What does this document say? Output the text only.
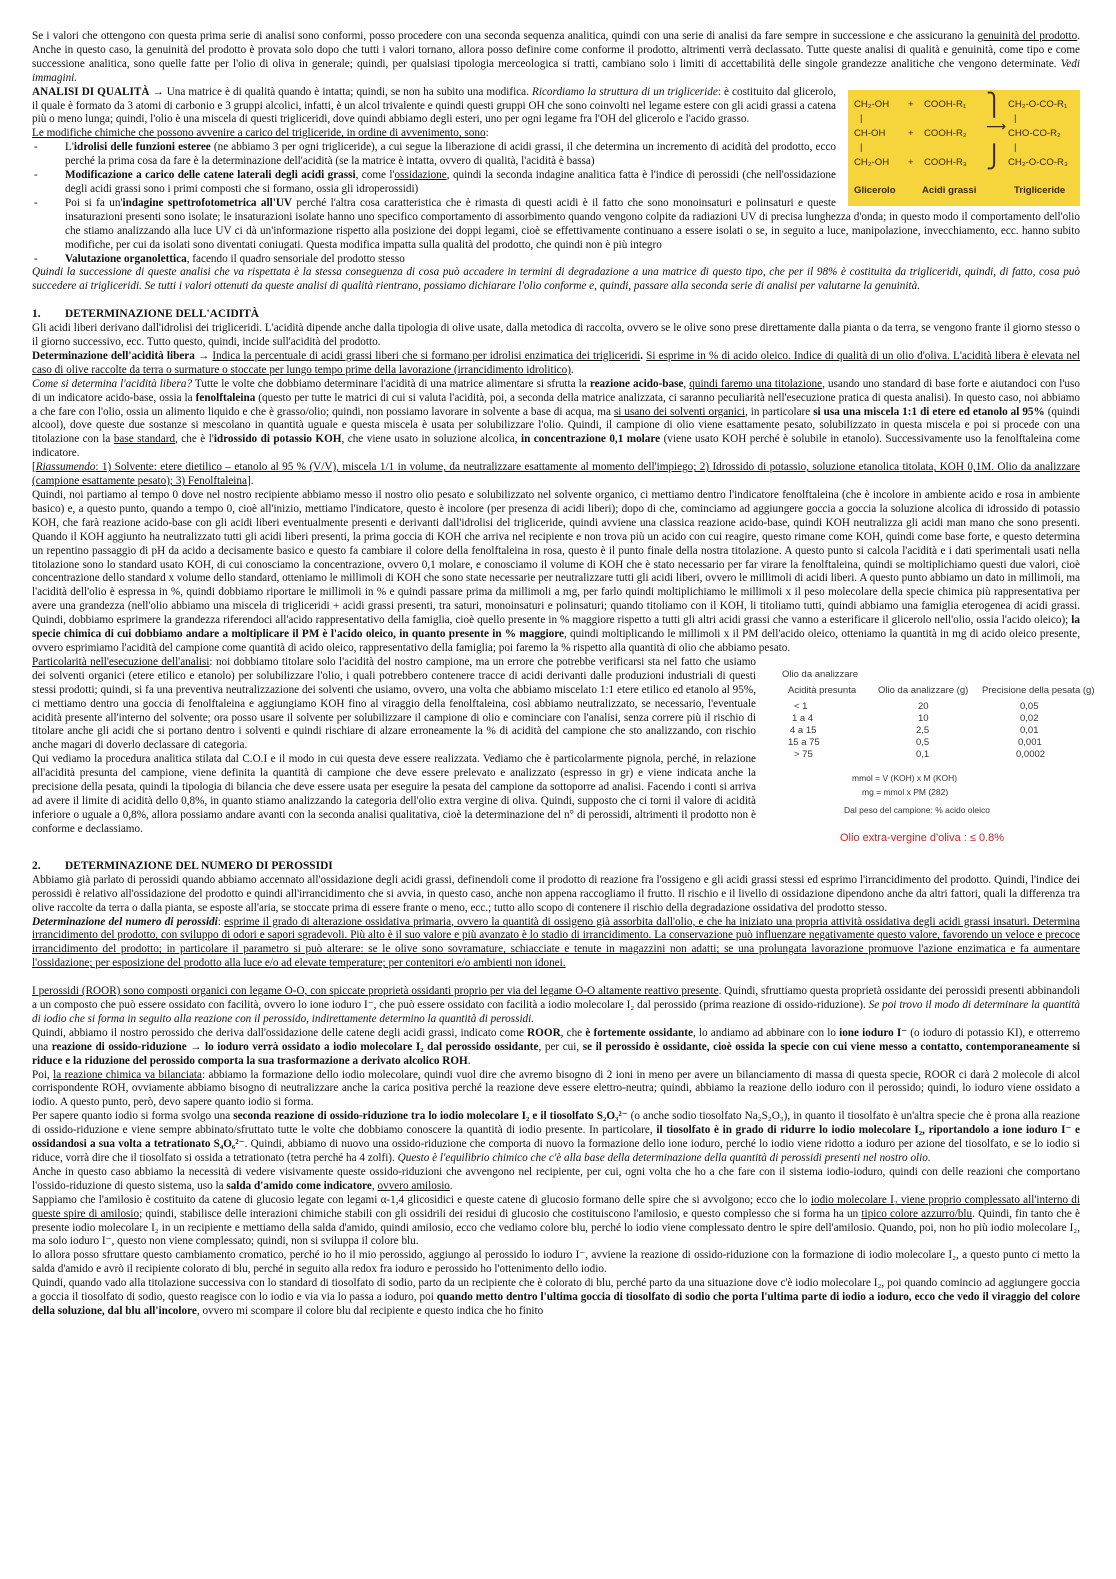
Se i valori che ottengono con questa prima serie di analisi sono conformi, posso procedere con una seconda sequenza analitica, quindi con una serie di analisi da fare sempre in successione e che assicurano la genuinità del prodotto. Anche in questo caso, la genuinità del prodotto è provata solo dopo che tutti i valori tornano, allora posso definire come conforme il prodotto, altrimenti verrà declassato. Tutte queste analisi di qualità e genuinità, come tipo e come successione analitica, sono quelle fatte per l'olio di oliva in generale; quindi, per qualsiasi tipologia merceologica si tratti, cambiano solo i limiti di accettabilità delle singole grandezze analitiche che vengono determinate. Vedi immagini.

CH₂-OH
CH-OH
CH₂-OH
|
|
+
+
+
COOH-R₁
COOH-R₂
COOH-R₃
⎫
⟶
⎭
CH₂-O-CO-R₁
CHO-CO-R₂
CH₂-O-CO-R₃
|
|
Glicerolo	Acidi grassi	Trigliceride

ANALISI DI QUALITÀ → Una matrice è di qualità quando è intatta; quindi, se non ha subito una modifica. Ricordiamo la struttura di un trigliceride: è costituito dal glicerolo, il quale è formato da 3 atomi di carbonio e 3 gruppi alcolici, infatti, è un alcol trivalente e quindi questi gruppi OH che sono coinvolti nel legame estere con gli acidi grassi a catena più o meno lunga; quindi, l'olio è una miscela di questi trigliceridi, dove quindi abbiamo degli esteri, uno per ogni legame fra l'OH del glicerolo e l'acido grasso.

Le modifiche chimiche che possono avvenire a carico del trigliceride, in ordine di avvenimento, sono:

- L'idrolisi delle funzioni esteree (ne abbiamo 3 per ogni trigliceride), a cui segue la liberazione di acidi grassi, il che determina un incremento di acidità del prodotto, ecco perché la prima cosa da fare è la determinazione dell'acidità (se la matrice è intatta, ovvero di qualità, l'acidità è bassa)

- Modificazione a carico delle catene laterali degli acidi grassi, come l'ossidazione, quindi la seconda indagine analitica fatta è l'indice di perossidi (che nell'ossidazione degli acidi grassi sono i primi composti che si formano, ossia gli idroperossidi)

- Poi si fa un'indagine spettrofotometrica all'UV perché l'altra cosa caratteristica che è rimasta di questi acidi è il fatto che sono monoinsaturi e polinsaturi e queste insaturazioni presenti sono isolate; le insaturazioni isolate hanno uno specifico comportamento di assorbimento quando vengono colpite da radiazioni UV di precisa lunghezza d'onda; in questo modo il comportamento dell'olio che stiamo analizzando alla luce UV ci dà un'informazione rispetto alla posizione dei doppi legami, cioè se effettivamente continuano a essere isolati o se, in seguito a luce, manipolazione, invecchiamento, ecc. hanno subito modifiche, per cui da isolati sono diventati coniugati. Questa modifica impatta sulla qualità del prodotto, che quindi non è più integro

- Valutazione organolettica, facendo il quadro sensoriale del prodotto stesso

Quindi la successione di queste analisi che va rispettata è la stessa conseguenza di cosa può accadere in termini di degradazione a una matrice di questo tipo, che per il 98% è costituita da trigliceridi, quindi, di fatto, cosa può succedere ai trigliceridi. Se tutti i valori ottenuti da queste analisi di qualità rientrano, possiamo dichiarare l'olio conforme e, quindi, passare alla seconda serie di analisi per valutarne la genuinità.

1.	DETERMINAZIONE DELL'ACIDITÀ

Gli acidi liberi derivano dall'idrolisi dei trigliceridi. L'acidità dipende anche dalla tipologia di olive usate, dalla metodica di raccolta, ovvero se le olive sono prese direttamente dalla pianta o da terra, se vengono frante il giorno stesso o il giorno successivo, ecc. Tutto questo, quindi, incide sull'acidità del prodotto.

Determinazione dell'acidità libera → Indica la percentuale di acidi grassi liberi che si formano per idrolisi enzimatica dei trigliceridi. Si esprime in % di acido oleico. Indice di qualità di un olio d'oliva. L'acidità libera è elevata nel caso di olive raccolte da terra o surmature o stoccate per lungo tempo prime della lavorazione (irrancidimento idrolitico).

Come si determina l'acidità libera? Tutte le volte che dobbiamo determinare l'acidità di una matrice alimentare si sfrutta la reazione acido-base, quindi faremo una titolazione, usando uno standard di base forte e aiutandoci con l'uso di un indicatore acido-base, ossia la fenolftaleina (questo per tutte le matrici di cui si valuta l'acidità, poi, a seconda della matrice analizzata, ci saranno peculiarità nell'esecuzione pratica di questa analisi). In questo caso, noi abbiamo a che fare con l'olio, ossia un alimento liquido e che è grasso/olio; quindi, non possiamo lavorare in solvente a base di acqua, ma si usano dei solventi organici, in particolare si usa una miscela 1:1 di etere ed etanolo al 95% (quindi alcool), dove queste due sostanze si mescolano in quantità uguale e questa miscela è usata per solubilizzare l'olio. Quindi, il campione di olio viene esattamente pesato, solubilizzato in questa miscela e poi si procede con una titolazione con la base standard, che è l'idrossido di potassio KOH, che viene usato in soluzione alcolica, in concentrazione 0,1 molare (viene usato KOH perché è solubile in etanolo). Successivamente uso la fenolftaleina come indicatore.

[Riassumendo: 1) Solvente: etere dietilico – etanolo al 95 % (V/V), miscela 1/1 in volume, da neutralizzare esattamente al momento dell'impiego; 2) Idrossido di potassio, soluzione etanolica titolata, KOH 0,1M. Olio da analizzare (campione esattamente pesato); 3) Fenolftaleina].

Quindi, noi partiamo al tempo 0 dove nel nostro recipiente abbiamo messo il nostro olio pesato e solubilizzato nel solvente organico, ci mettiamo dentro l'indicatore fenolftaleina (che è incolore in ambiente acido e rosa in ambiente basico) e, a questo punto, quando a tempo 0, cioè all'inizio, mettiamo l'indicatore, questo è incolore (per presenza di acidi liberi); dopo di che, cominciamo ad aggiungere goccia a goccia la soluzione alcolica di idrossido di potassio KOH, che farà reazione acido-base con gli acidi liberi eventualmente presenti e derivanti dall'idrolisi del trigliceride, quindi avviene una classica reazione acido-base, quindi KOH neutralizza gli acidi man mano che sono presenti. Quando il KOH aggiunto ha neutralizzato tutti gli acidi liberi presenti, la prima goccia di KOH che arriva nel recipiente e non trova più un acido con cui reagire, questo rimane come KOH, quindi come base forte, e questo determina un repentino passaggio di pH da acido a decisamente basico e questo fa cambiare il colore della fenolftaleina in rosa, questo è il punto finale della nostra titolazione. A questo punto si calcola l'acidità e i dati sperimentali usati nella titolazione sono lo standard usato KOH, di cui conosciamo la concentrazione, ovvero 0,1 molare, e conosciamo il volume di KOH che è stato necessario per far virare la fenolftaleina, quindi se moltiplichiamo questi due valori, cioè concentrazione dello standard x volume dello standard, otteniamo le millimoli di KOH che sono state necessarie per neutralizzare tutti gli acidi liberi, ovvero le millimoli di acidi liberi. A questo punto abbiamo un dato in millimoli, ma l'acidità dell'olio è espressa in %, quindi dobbiamo riportare le millimoli in % e quindi passare prima da millimoli a mg, per farlo quindi moltiplichiamo le millimoli x il peso molecolare della specie chimica più rappresentativa per avere una grandezza (nell'olio abbiamo una miscela di trigliceridi + acidi grassi presenti, tra saturi, monoinsaturi e polinsaturi; quando titoliamo con il KOH, li titoliamo tutti, quindi abbiamo una famiglia eterogenea di acidi grassi. Quindi, dobbiamo esprimere la grandezza riferendoci all'acido rappresentativo della famiglia, cioè quello presente in % maggiore rispetto a tutti gli altri acidi grassi che vanno a esterificare il glicerolo nell'olio, ossia l'acido oleico); la specie chimica di cui dobbiamo andare a moltiplicare il PM è l'acido oleico, in quanto presente in % maggiore, quindi moltiplicando le millimoli x il PM dell'acido oleico, otteniamo la quantità in mg di acido oleico presente, ovvero esprimiamo l'acidità del campione come quantità di acido oleico, rappresentativo della famiglia; poi faremo la % rispetto alla quantità di olio che abbiamo pesato.

Olio da analizzare
Acidità presunta Olio da analizzare (g) Precisione della pesata (g)
< 1	20	0,05
1 a 4	10	0,02
4 a 15	2,5	0,01
15 a 75	0,5	0,001
> 75	0,1	0,0002
mmol = V (KOH) x M (KOH)
mg = mmol x PM (282)
Dal peso del campione: % acido oleico
Olio extra-vergine d'oliva : ≤ 0.8%

Particolarità nell'esecuzione dell'analisi: noi dobbiamo titolare solo l'acidità del nostro campione, ma un errore che potrebbe verificarsi sta nel fatto che usiamo dei solventi organici (etere etilico e etanolo) per solubilizzare l'olio, i quali potrebbero contenere tracce di acidi derivanti dalle produzioni industriali di questi stessi prodotti; quindi, si fa una preventiva neutralizzazione dei solventi che usiamo, ovvero, una volta che abbiamo miscelato 1:1 etere etilico ed etanolo al 95%, ci mettiamo dentro una goccia di fenolftaleina e aggiungiamo KOH fino al viraggio della fenolftaleina, così abbiamo neutralizzato, se necessario, l'eventuale acidità presente all'interno del solvente; ora posso usare il solvente per solubilizzare il campione di olio e cominciare con l'analisi, senza correre più il rischio di titolare anche gli acidi che si portano dentro i solventi e quindi rischiare di alzare erroneamente la % di acidità del campione che sto analizzando, con rischio anche magari di doverlo declassare di categoria.

Qui vediamo la procedura analitica stilata dal C.O.I e il modo in cui questa deve essere realizzata. Vediamo che è particolarmente pignola, perché, in relazione all'acidità presunta del campione, viene definita la quantità di campione che deve essere prelevato e analizzato (espresso in gr) e viene indicata anche la precisione della pesata, quindi la tipologia di bilancia che deve essere usata per eseguire la pesata del campione da sottoporre ad analisi. Facendo i conti si arriva ad avere il limite di acidità dello 0,8%, in quanto stiamo analizzando la categoria dell'olio extra vergine di oliva. Quindi, supposto che ci torni il valore di acidità inferiore o uguale a 0,8%, allora possiamo andare avanti con la seconda analisi qualitativa, cioè la determinazione del n° di perossidi, altrimenti il prodotto non è conforme e declassiamo.

2.	DETERMINAZIONE DEL NUMERO DI PEROSSIDI

Abbiamo già parlato di perossidi quando abbiamo accennato all'ossidazione degli acidi grassi, definendoli come il prodotto di reazione fra l'ossigeno e gli acidi grassi stessi ed esprimo l'irrancidimento del prodotto. Quindi, l'indice dei perossidi è relativo all'ossidazione del prodotto e quindi all'irrancidimento che si avvia, in questo caso, anche non appena raccogliamo il frutto. Il rischio e il livello di ossidazione dipendono anche da altri fattori, quali la differenza tra olive raccolte da terra o dalla pianta, se esposte all'aria, se stoccate prima di essere frante o meno, ecc.; tutto allo scopo di contenere il rischio della degradazione ossidativa del prodotto stesso.

Determinazione del numero di perossidi: esprime il grado di alterazione ossidativa primaria, ovvero la quantità di ossigeno già assorbita dall'olio, e che ha iniziato una propria attività ossidativa degli acidi grassi insaturi. Determina irrancidimento del prodotto, con sviluppo di odori e sapori sgradevoli. Più alto è il suo valore e più avanzato è lo stadio di irrancidimento. La conservazione può influenzare negativamente questo valore, favorendo un veloce e precoce irrancidimento del prodotto; in particolare il parametro si può alterare: se le olive sono sovramature, schiacciate e tenute in magazzini non adatti; se una prolungata lavorazione promuove l'azione enzimatica e fa aumentare l'ossidazione; per esposizione del prodotto alla luce e/o ad elevate temperature; per contenitori e/o ambienti non idonei.

I perossidi (ROOR) sono composti organici con legame O-O, con spiccate proprietà ossidanti proprio per via del legame O-O altamente reattivo presente. Quindi, sfruttiamo questa proprietà ossidante dei perossidi presenti abbinandoli a un composto che può essere ossidato con facilità, ovvero lo ione ioduro I⁻, che può essere ossidato con facilità a iodio molecolare I₂ dal perossido (prima reazione di ossido-riduzione). Se poi trovo il modo di determinare la quantità di iodio che si forma in seguito alla reazione con il perossido, indirettamente determino la quantità di perossidi.

Quindi, abbiamo il nostro perossido che deriva dall'ossidazione delle catene degli acidi grassi, indicato come ROOR, che è fortemente ossidante, lo andiamo ad abbinare con lo ione ioduro I⁻ (o ioduro di potassio KI), e otterremo una reazione di ossido-riduzione → lo ioduro verrà ossidato a iodio molecolare I₂ dal perossido ossidante, per cui, se il perossido è ossidante, cioè ossida la specie con cui viene messo a contatto, contemporaneamente si riduce e la riduzione del perossido comporta la sua trasformazione a derivato alcolico ROH.

Poi, la reazione chimica va bilanciata: abbiamo la formazione dello iodio molecolare, quindi vuol dire che avremo bisogno di 2 ioni in meno per avere un bilanciamento di massa di questa specie, ROOR ci darà 2 molecole di alcol corrispondente ROH, ovviamente abbiamo bisogno di neutralizzare anche la carica positiva perché la reazione deve essere elettro-neutra; quindi, abbiamo la reazione dello ioduro con il perossido; quindi, lo ioduro viene ossidato a iodio. A questo punto, però, devo sapere quanto iodio si forma.

Per sapere quanto iodio si forma svolgo una seconda reazione di ossido-riduzione tra lo iodio molecolare I₂ e il tiosolfato S₂O₃²⁻ (o anche sodio tiosolfato Na₂S₂O₃), in quanto il tiosolfato è un'altra specie che è prona alla reazione di ossido-riduzione e viene sempre abbinato/sfruttato tutte le volte che dobbiamo conoscere la quantità di iodio presente. In particolare, il tiosolfato è in grado di ridurre lo iodio molecolare I₂, riportandolo a ione ioduro I⁻ e ossidandosi a sua volta a tetrationato S₄O₆²⁻. Quindi, abbiamo di nuovo una ossido-riduzione che comporta di nuovo la formazione dello ione ioduro, perché lo iodio viene ridotto a ioduro per azione del tiosolfato, e se lo iodio si riduce, vorrà dire che il tiosolfato si ossida a tetrationato (tetra perché ha 4 zolfi). Questo è l'equilibrio chimico che c'è alla base della determinazione della quantità di perossidi presenti nel nostro olio.

Anche in questo caso abbiamo la necessità di vedere visivamente queste ossido-riduzioni che avvengono nel recipiente, per cui, ogni volta che ho a che fare con il sistema iodio-ioduro, quindi con delle reazioni che comportano l'ossido-riduzione di questo sistema, uso la salda d'amido come indicatore, ovvero amilosio.

Sappiamo che l'amilosio è costituito da catene di glucosio legate con legami α-1,4 glicosidici e queste catene di glucosio formano delle spire che si avvolgono; ecco che lo iodio molecolare I₂ viene proprio complessato all'interno di queste spire di amilosio; quindi, stabilisce delle interazioni chimiche stabili con gli ossidrili dei residui di glucosio che costituiscono l'amilosio, e questo complesso che si forma ha un tipico colore azzurro/blu. Quindi, fin tanto che è presente iodio molecolare I₂ in un recipiente e mettiamo della salda d'amido, quindi amilosio, ecco che vediamo colore blu, perché lo iodio viene complessato dentro le spire dell'amilosio. Quando, poi, non ho più iodio molecolare I₂, ma solo ioduro I⁻, questo non viene complessato; quindi, non si sviluppa il colore blu.

Io allora posso sfruttare questo cambiamento cromatico, perché io ho il mio perossido, aggiungo al perossido lo ioduro I⁻, avviene la reazione di ossido-riduzione con la formazione di iodio molecolare I₂, a questo punto ci metto la salda d'amido e avrò il recipiente colorato di blu, perché in seguito alla redox fra ioduro e perossido ho l'ottenimento dello iodio.

Quindi, quando vado alla titolazione successiva con lo standard di tiosolfato di sodio, parto da un recipiente che è colorato di blu, perché parto da una situazione dove c'è iodio molecolare I₂, poi quando comincio ad aggiungere goccia a goccia il tiosolfato di sodio, questo reagisce con lo iodio e via via lo passa a ioduro, poi quando metto dentro l'ultima goccia di tiosolfato di sodio che porta l'ultima parte di iodio a ioduro, ecco che vedo il viraggio del colore della soluzione, dal blu all'incolore, ovvero mi scompare il colore blu dal recipiente e questo indica che ho finito
